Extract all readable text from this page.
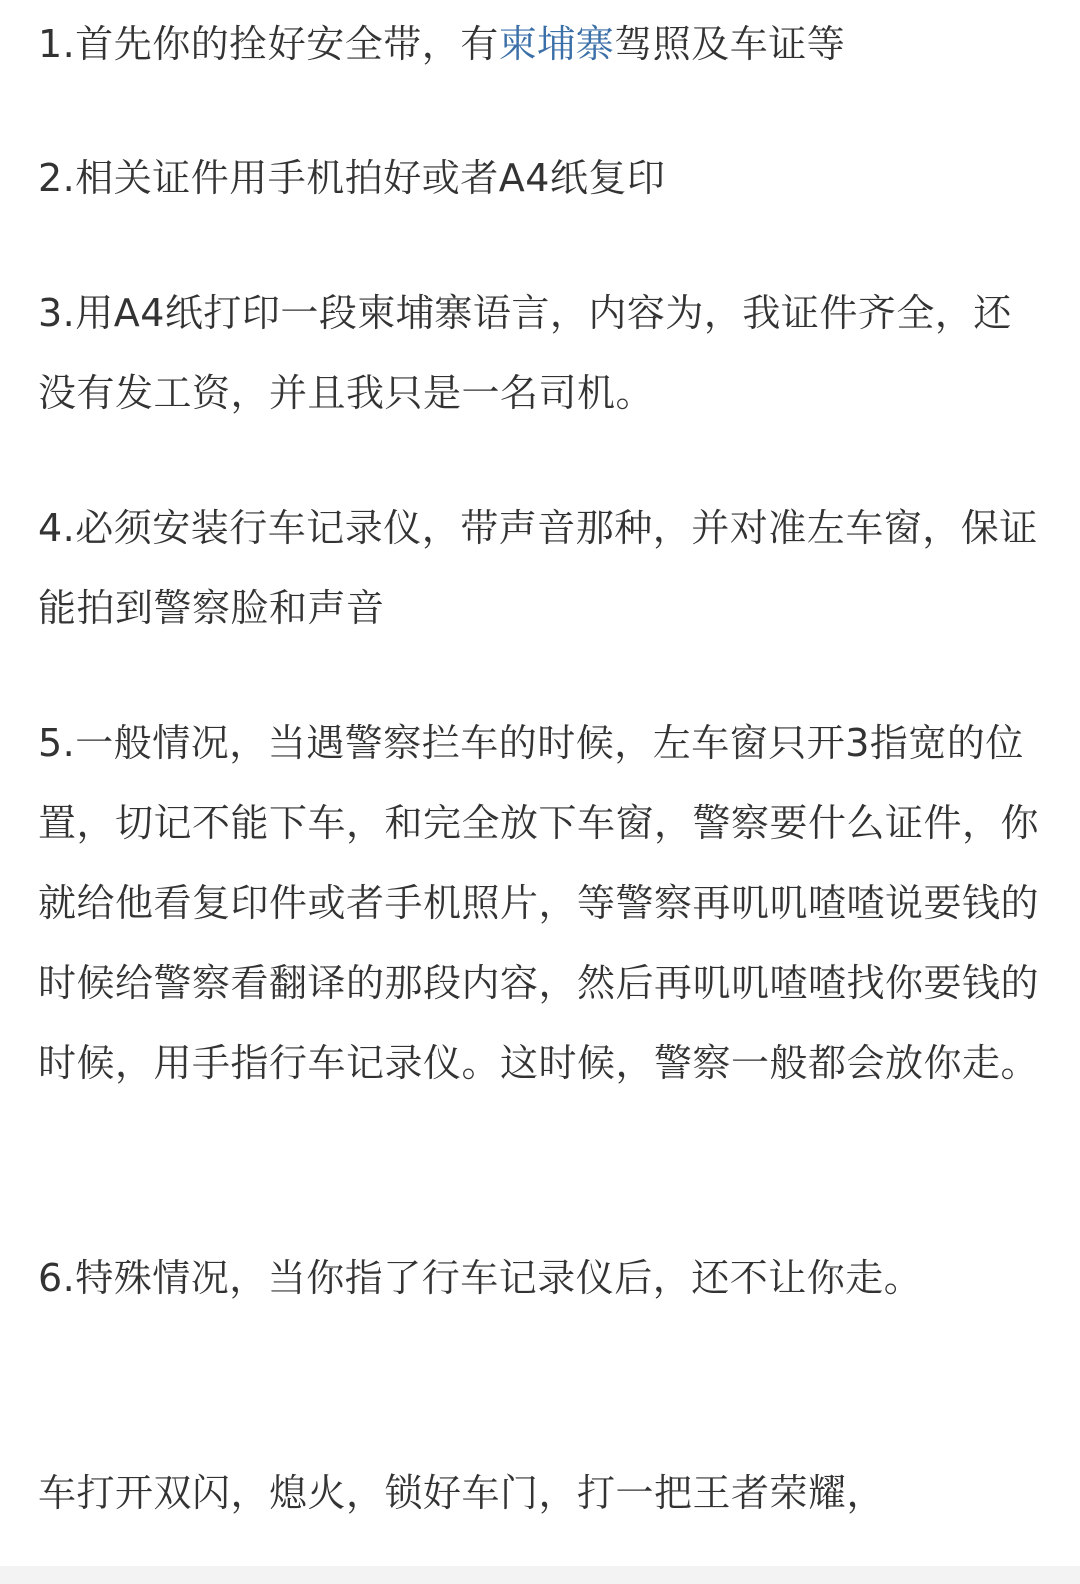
1.首先你的拴好安全带，有柬埔寨驾照及车证等

2.相关证件用手机拍好或者A4纸复印

3.用A4纸打印一段柬埔寨语言，内容为，我证件齐全，还没有发工资，并且我只是一名司机。

4.必须安装行车记录仪，带声音那种，并对准左车窗，保证能拍到警察脸和声音

5.一般情况，当遇警察拦车的时候，左车窗只开3指宽的位置，切记不能下车，和完全放下车窗，警察要什么证件，你就给他看复印件或者手机照片，等警察再叽叽喳喳说要钱的时候给警察看翻译的那段内容，然后再叽叽喳喳找你要钱的时候，用手指行车记录仪。这时候，警察一般都会放你走。

6.特殊情况，当你指了行车记录仪后，还不让你走。

车打开双闪，熄火，锁好车门，打一把王者荣耀，
